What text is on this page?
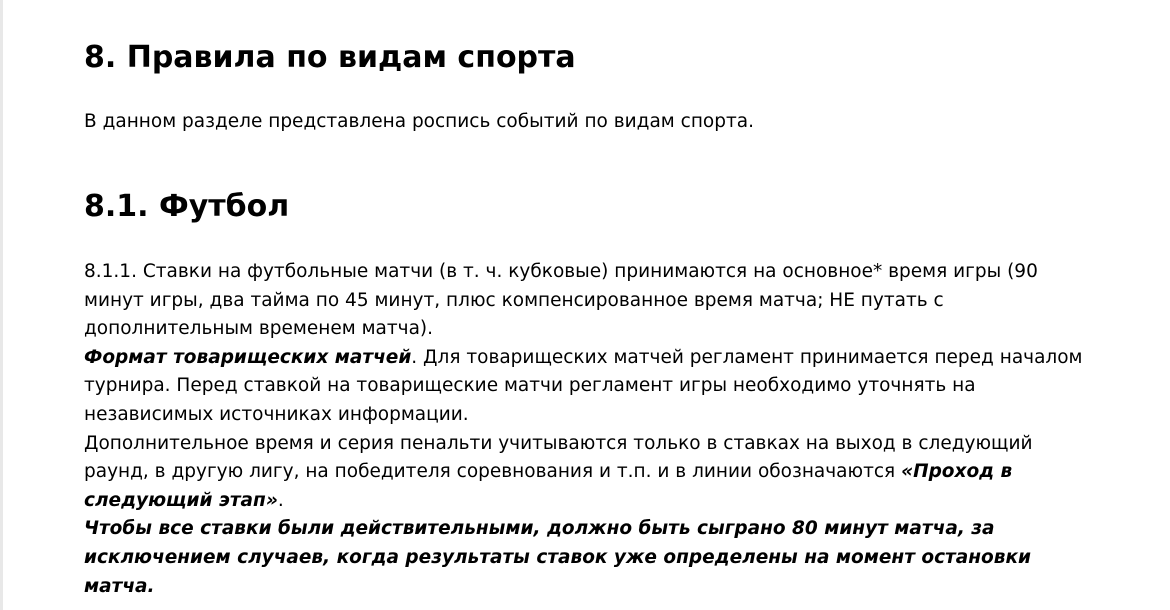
8. Правила по видам спорта

В данном разделе представлена роспись событий по видам спорта.

8.1. Футбол

8.1.1. Ставки на футбольные матчи (в т. ч. кубковые) принимаются на основное* время игры (90 минут игры, два тайма по 45 минут, плюс компенсированное время матча; НЕ путать с дополнительным временем матча).

Формат товарищеских матчей. Для товарищеских матчей регламент принимается перед началом турнира. Перед ставкой на товарищеские матчи регламент игры необходимо уточнять на независимых источниках информации.

Дополнительное время и серия пенальти учитываются только в ставках на выход в следующий раунд, в другую лигу, на победителя соревнования и т.п. и в линии обозначаются «Проход в следующий этап».

Чтобы все ставки были действительными, должно быть сыграно 80 минут матча, за исключением случаев, когда результаты ставок уже определены на момент остановки матча.
